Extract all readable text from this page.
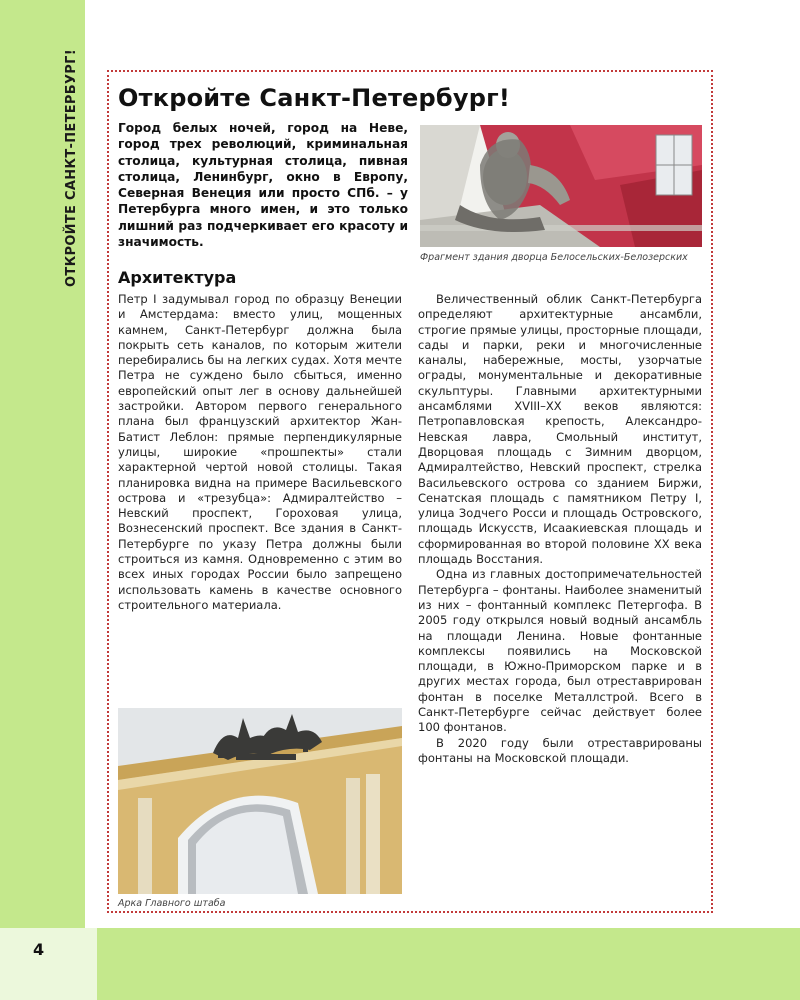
ОТКРОЙТЕ САНКТ-ПЕТЕРБУРГ!
4
Откройте Санкт-Петербург!

Город белых ночей, город на Неве, город трех революций, криминальная столица, культурная столица, пивная столица, Ленинбург, окно в Европу, Северная Венеция или просто СПб. – у Петербурга много имен, и это только лишний раз подчеркивает его красоту и значимость.

Фрагмент здания дворца Белосельских-Белозерских

Архитектура

Петр I задумывал город по образцу Венеции и Амстердама: вместо улиц, мощенных камнем, Санкт-Петербург должна была покрыть сеть каналов, по которым жители перебирались бы на легких судах. Хотя мечте Петра не суждено было сбыться, именно европейский опыт лег в основу дальнейшей застройки. Автором первого генерального плана был французский архитектор Жан-Батист Леблон: прямые перпендикулярные улицы, широкие «прошпекты» стали характерной чертой новой столицы. Такая планировка видна на примере Васильевского острова и «трезубца»: Адмиралтейство – Невский проспект, Гороховая улица, Вознесенский проспект. Все здания в Санкт-Петербурге по указу Петра должны были строиться из камня. Одновременно с этим во всех иных городах России было запрещено использовать камень в качестве основного строительного материала.

Величественный облик Санкт-Петербурга определяют архитектурные ансамбли, строгие прямые улицы, просторные площади, сады и парки, реки и многочисленные каналы, набережные, мосты, узорчатые ограды, монументальные и декоративные скульптуры. Главными архитектурными ансамблями XVIII–XX веков являются: Петропавловская крепость, Александро-Невская лавра, Смольный институт, Дворцовая площадь с Зимним дворцом, Адмиралтейство, Невский проспект, стрелка Васильевского острова со зданием Биржи, Сенатская площадь с памятником Петру I, улица Зодчего Росси и площадь Островского, площадь Искусств, Исаакиевская площадь и сформированная во второй половине XX века площадь Восстания.

Одна из главных достопримечательностей Петербурга – фонтаны. Наиболее знаменитый из них – фонтанный комплекс Петергофа. В 2005 году открылся новый водный ансамбль на площади Ленина. Новые фонтанные комплексы появились на Московской площади, в Южно-Приморском парке и в других местах города, был отреставрирован фонтан в поселке Металлстрой. Всего в Санкт-Петербурге сейчас действует более 100 фонтанов.

В 2020 году были отреставрированы фонтаны на Московской площади.

Арка Главного штаба
